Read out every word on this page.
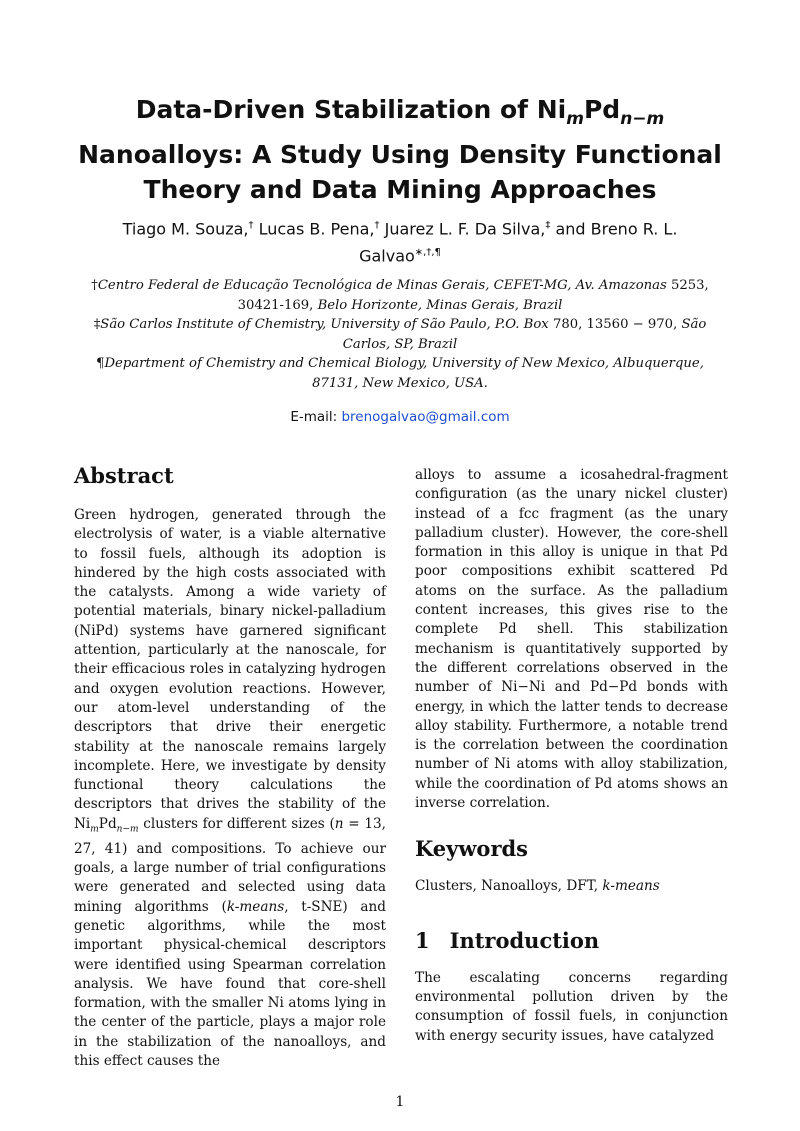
Data-Driven Stabilization of $Ni_mPd_{n-m}$
Nanoalloys: A Study Using Density Functional
Theory and Data Mining Approaches
Tiago M. Souza,† Lucas B. Pena,† Juarez L. F. Da Silva,‡ and Breno R. L. Galvao∗,†,¶
†Centro Federal de Educação Tecnológica de Minas Gerais, CEFET-MG, Av. Amazonas 5253, 30421-169, Belo Horizonte, Minas Gerais, Brazil
‡São Carlos Institute of Chemistry, University of São Paulo, P.O. Box 780, 13560 − 970, São Carlos, SP, Brazil
¶Department of Chemistry and Chemical Biology, University of New Mexico, Albuquerque, 87131, New Mexico, USA.
E-mail: brenogalvao@gmail.com
Abstract

Green hydrogen, generated through the electrolysis of water, is a viable alternative to fossil fuels, although its adoption is hindered by the high costs associated with the catalysts. Among a wide variety of potential materials, binary nickel-palladium (NiPd) systems have garnered significant attention, particularly at the nanoscale, for their efficacious roles in catalyzing hydrogen and oxygen evolution reactions. However, our atom-level understanding of the descriptors that drive their energetic stability at the nanoscale remains largely incomplete. Here, we investigate by density functional theory calculations the descriptors that drives the stability of the $Ni_mPd_{n-m}$ clusters for different sizes (n = 13, 27, 41) and compositions. To achieve our goals, a large number of trial configurations were generated and selected using data mining algorithms (k-means, t-SNE) and genetic algorithms, while the most important physical-chemical descriptors were identified using Spearman correlation analysis. We have found that core-shell formation, with the smaller Ni atoms lying in the center of the particle, plays a major role in the stabilization of the nanoalloys, and this effect causes the

alloys to assume a icosahedral-fragment configuration (as the unary nickel cluster) instead of a fcc fragment (as the unary palladium cluster). However, the core-shell formation in this alloy is unique in that Pd poor compositions exhibit scattered Pd atoms on the surface. As the palladium content increases, this gives rise to the complete Pd shell. This stabilization mechanism is quantitatively supported by the different correlations observed in the number of Ni−Ni and Pd−Pd bonds with energy, in which the latter tends to decrease alloy stability. Furthermore, a notable trend is the correlation between the coordination number of Ni atoms with alloy stabilization, while the coordination of Pd atoms shows an inverse correlation.

Keywords
Clusters, Nanoalloys, DFT, k-means
1 Introduction

The escalating concerns regarding environmental pollution driven by the consumption of fossil fuels, in conjunction with energy security issues, have catalyzed

1
